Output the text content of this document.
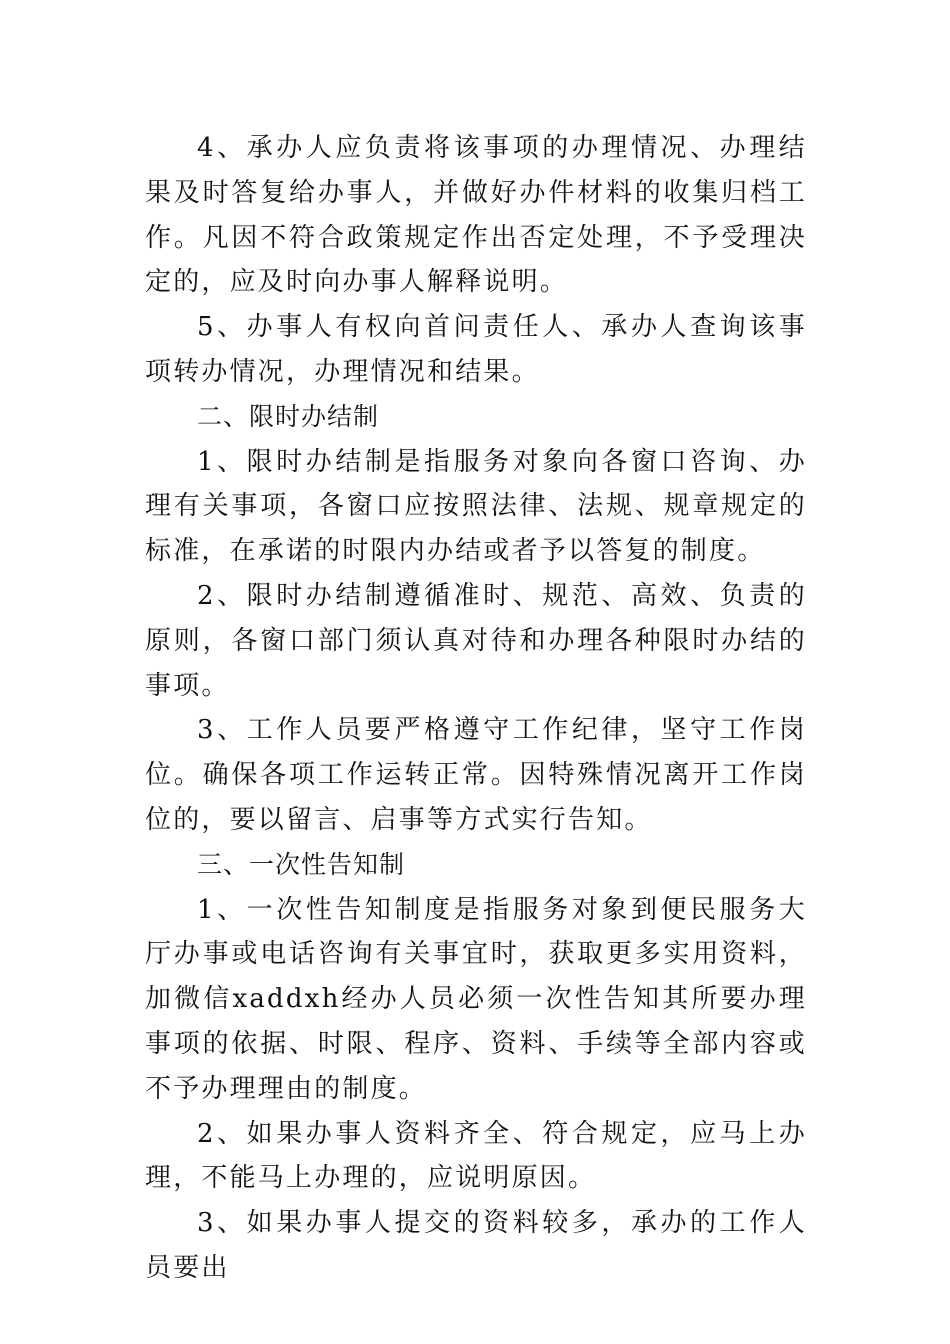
4、承办人应负责将该事项的办理情况、办理结果及时答复给办事人，并做好办件材料的收集归档工作。凡因不符合政策规定作出否定处理，不予受理决定的，应及时向办事人解释说明。

5、办事人有权向首问责任人、承办人查询该事项转办情况，办理情况和结果。

二、限时办结制

1、限时办结制是指服务对象向各窗口咨询、办理有关事项，各窗口应按照法律、法规、规章规定的标准，在承诺的时限内办结或者予以答复的制度。

2、限时办结制遵循准时、规范、高效、负责的原则，各窗口部门须认真对待和办理各种限时办结的事项。

3、工作人员要严格遵守工作纪律，坚守工作岗位。确保各项工作运转正常。因特殊情况离开工作岗位的，要以留言、启事等方式实行告知。

三、一次性告知制

1、一次性告知制度是指服务对象到便民服务大厅办事或电话咨询有关事宜时，获取更多实用资料，加微信xaddxh经办人员必须一次性告知其所要办理事项的依据、时限、程序、资料、手续等全部内容或不予办理理由的制度。

2、如果办事人资料齐全、符合规定，应马上办理，不能马上办理的，应说明原因。

3、如果办事人提交的资料较多，承办的工作人员要出
